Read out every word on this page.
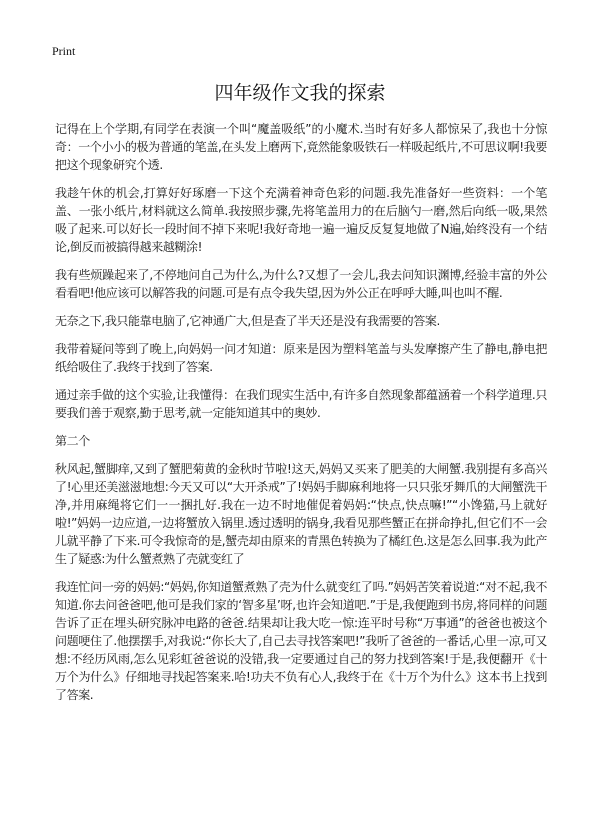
Print
四年级作文我的探索

记得在上个学期,有同学在表演一个叫“魔盖吸纸”的小魔术.当时有好多人都惊呆了,我也十分惊奇：一个小小的极为普通的笔盖,在头发上磨两下,竟然能象吸铁石一样吸起纸片,不可思议啊!我要把这个现象研究个透.

我趁午休的机会,打算好好琢磨一下这个充满着神奇色彩的问题.我先准备好一些资料：一个笔盖、一张小纸片,材料就这么简单.我按照步骤,先将笔盖用力的在后脑勺一磨,然后向纸一吸,果然吸了起来.可以好长一段时间不掉下来呢!我好奇地一遍一遍反反复复地做了N遍,始终没有一个结论,倒反而被搞得越来越糊涂!

我有些烦躁起来了,不停地问自己为什么,为什么?又想了一会儿,我去问知识渊博,经验丰富的外公看看吧!他应该可以解答我的问题.可是有点令我失望,因为外公正在呼呼大睡,叫也叫不醒.

无奈之下,我只能靠电脑了,它神通广大,但是查了半天还是没有我需要的答案.

我带着疑问等到了晚上,向妈妈一问才知道：原来是因为塑料笔盖与头发摩擦产生了静电,静电把纸给吸住了.我终于找到了答案.

通过亲手做的这个实验,让我懂得：在我们现实生活中,有许多自然现象都蕴涵着一个科学道理.只要我们善于观察,勤于思考,就一定能知道其中的奥妙.

第二个

秋风起,蟹脚痒,又到了蟹肥菊黄的金秋时节啦!这天,妈妈又买来了肥美的大闸蟹.我别提有多高兴了!心里还美滋滋地想:今天又可以“大开杀戒”了!妈妈手脚麻利地将一只只张牙舞爪的大闸蟹洗干净,并用麻绳将它们一一捆扎好.我在一边不时地催促着妈妈:“快点,快点嘛!”“小馋猫,马上就好啦!”妈妈一边应道,一边将蟹放入锅里.透过透明的锅身,我看见那些蟹正在拼命挣扎,但它们不一会儿就平静了下来.可令我惊奇的是,蟹壳却由原来的青黑色转换为了橘红色.这是怎么回事.我为此产生了疑惑:为什么蟹煮熟了壳就变红了

我连忙问一旁的妈妈:“妈妈,你知道蟹煮熟了壳为什么就变红了吗.”妈妈苦笑着说道:“对不起,我不知道.你去问爸爸吧,他可是我们家的‘智多星’呀,也许会知道吧.”于是,我便跑到书房,将同样的问题告诉了正在埋头研究脉冲电路的爸爸.结果却让我大吃一惊:连平时号称“万事通”的爸爸也被这个问题哽住了.他摆摆手,对我说:“你长大了,自己去寻找答案吧!”我听了爸爸的一番话,心里一凉,可又想:不经历风雨,怎么见彩虹爸爸说的没错,我一定要通过自己的努力找到答案!于是,我便翻开《十万个为什么》仔细地寻找起答案来.哈!功夫不负有心人,我终于在《十万个为什么》这本书上找到了答案.
